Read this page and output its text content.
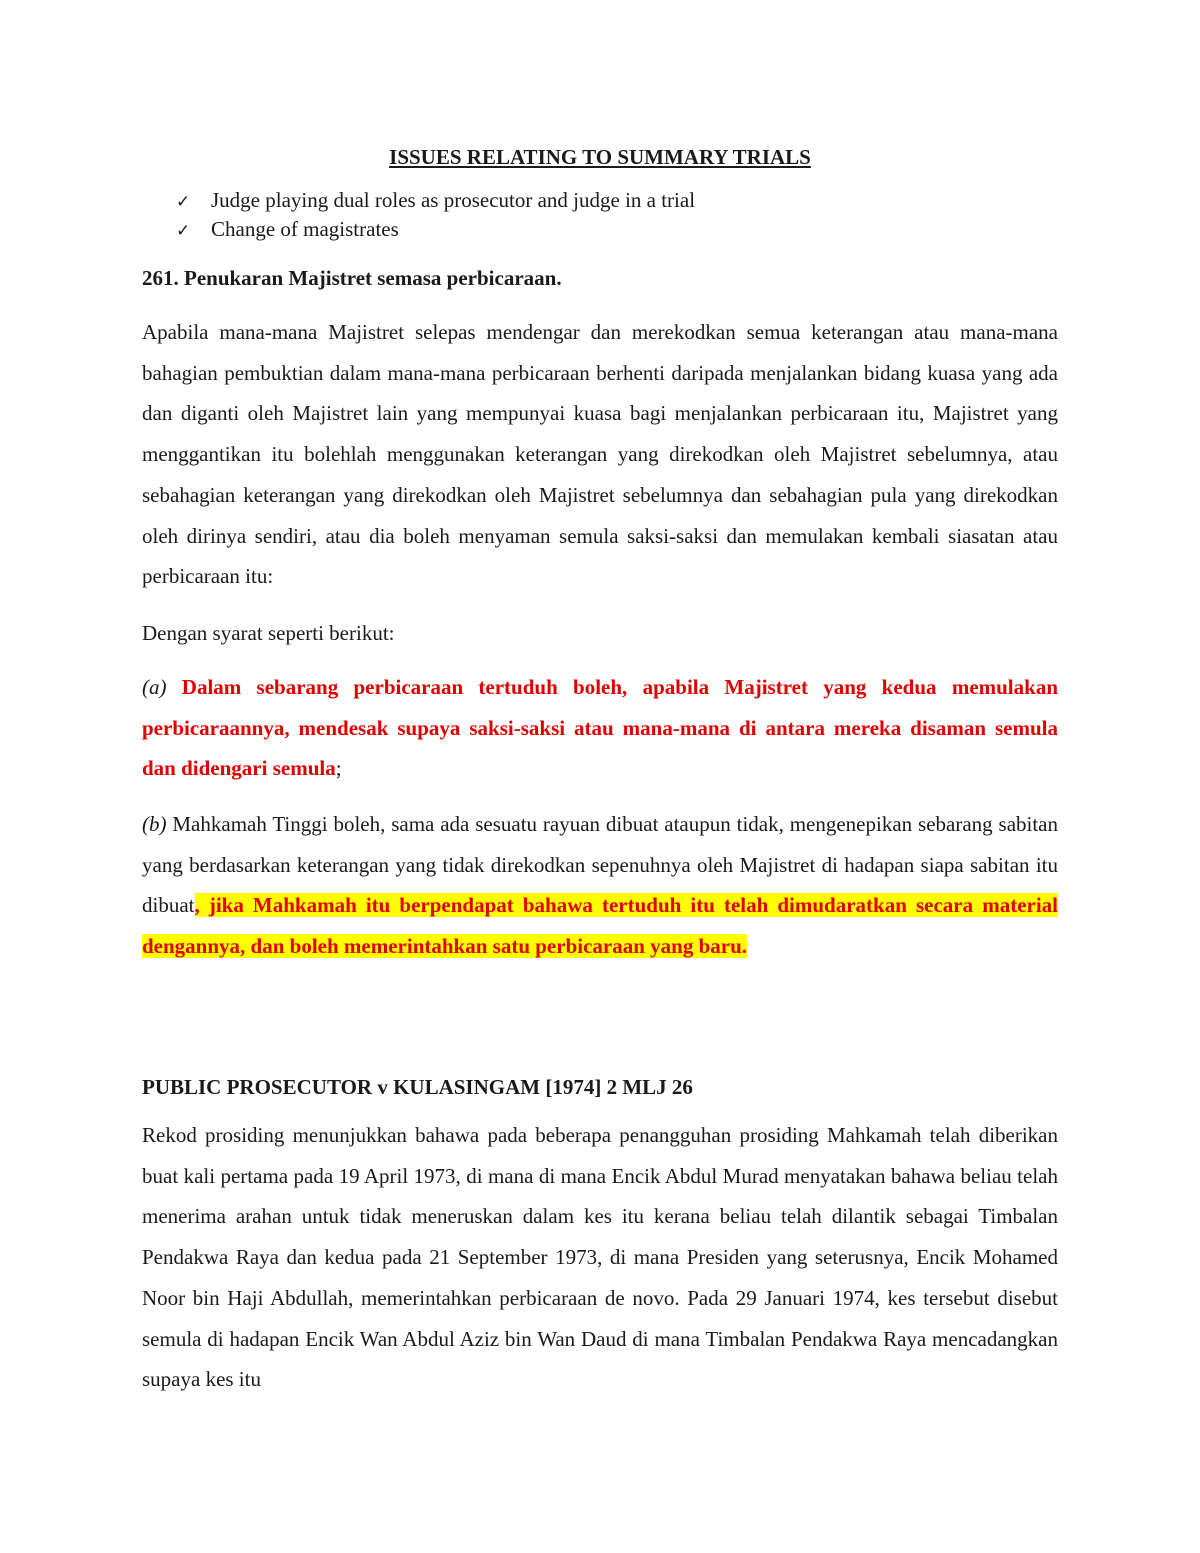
ISSUES RELATING TO SUMMARY TRIALS
✓ Judge playing dual roles as prosecutor and judge in a trial
✓ Change of magistrates

261. Penukaran Majistret semasa perbicaraan.

Apabila mana-mana Majistret selepas mendengar dan merekodkan semua keterangan atau mana-mana bahagian pembuktian dalam mana-mana perbicaraan berhenti daripada menjalankan bidang kuasa yang ada dan diganti oleh Majistret lain yang mempunyai kuasa bagi menjalankan perbicaraan itu, Majistret yang menggantikan itu bolehlah menggunakan keterangan yang direkodkan oleh Majistret sebelumnya, atau sebahagian keterangan yang direkodkan oleh Majistret sebelumnya dan sebahagian pula yang direkodkan oleh dirinya sendiri, atau dia boleh menyaman semula saksi-saksi dan memulakan kembali siasatan atau perbicaraan itu:

Dengan syarat seperti berikut:

(a) Dalam sebarang perbicaraan tertuduh boleh, apabila Majistret yang kedua memulakan perbicaraannya, mendesak supaya saksi-saksi atau mana-mana di antara mereka disaman semula dan didengari semula;

(b) Mahkamah Tinggi boleh, sama ada sesuatu rayuan dibuat ataupun tidak, mengenepikan sebarang sabitan yang berdasarkan keterangan yang tidak direkodkan sepenuhnya oleh Majistret di hadapan siapa sabitan itu dibuat, jika Mahkamah itu berpendapat bahawa tertuduh itu telah dimudaratkan secara material dengannya, dan boleh memerintahkan satu perbicaraan yang baru.

PUBLIC PROSECUTOR v KULASINGAM [1974] 2 MLJ 26

Rekod prosiding menunjukkan bahawa pada beberapa penangguhan prosiding Mahkamah telah diberikan buat kali pertama pada 19 April 1973, di mana di mana Encik Abdul Murad menyatakan bahawa beliau telah menerima arahan untuk tidak meneruskan dalam kes itu kerana beliau telah dilantik sebagai Timbalan Pendakwa Raya dan kedua pada 21 September 1973, di mana Presiden yang seterusnya, Encik Mohamed Noor bin Haji Abdullah, memerintahkan perbicaraan de novo. Pada 29 Januari 1974, kes tersebut disebut semula di hadapan Encik Wan Abdul Aziz bin Wan Daud di mana Timbalan Pendakwa Raya mencadangkan supaya kes itu
